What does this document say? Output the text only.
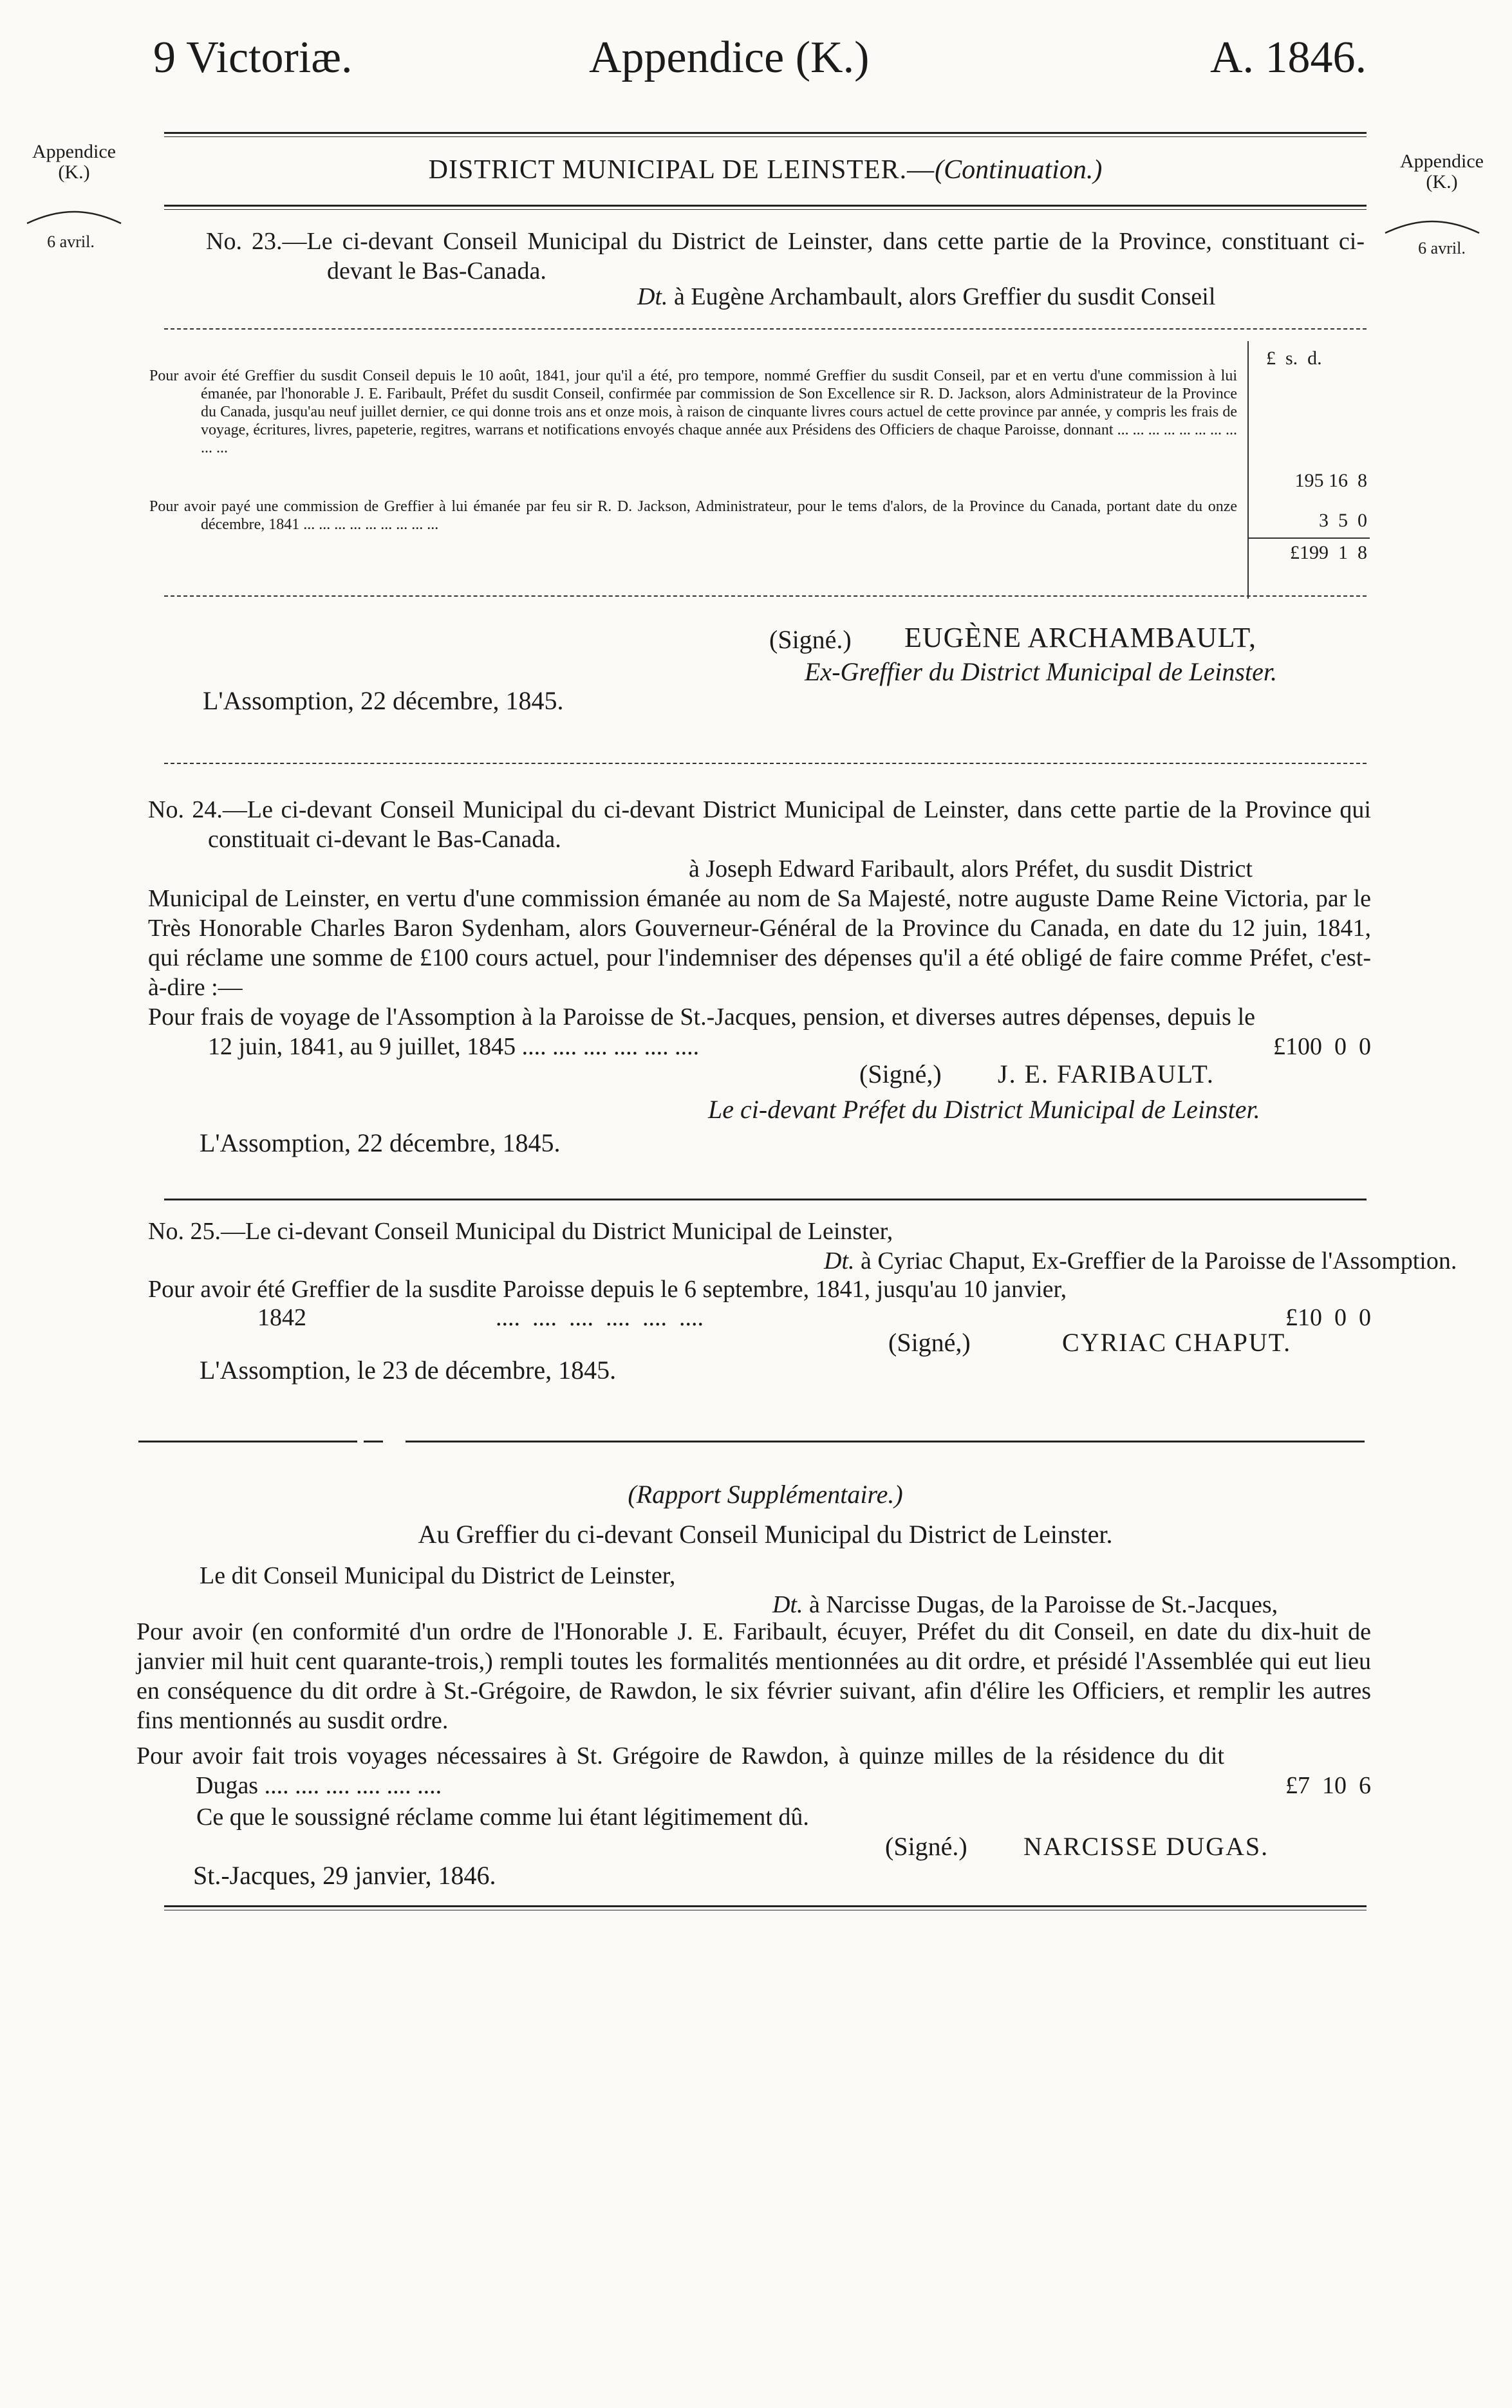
9 Victoriæ.	Appendice (K.)	A. 1846.
Appendice
(K.)
6 avril.
Appendice
(K.)
6 avril.
DISTRICT MUNICIPAL DE LEINSTER.—(Continuation.)
No. 23.—Le ci-devant Conseil Municipal du District de Leinster, dans cette partie de la Province, constituant ci-devant le Bas-Canada.
Dt. à Eugène Archambault, alors Greffier du susdit Conseil
£  s.  d.
Pour avoir été Greffier du susdit Conseil depuis le 10 août, 1841, jour qu'il a été, pro tempore, nommé Greffier du susdit Conseil, par et en vertu d'une commission à lui émanée, par l'honorable J. E. Faribault, Préfet du susdit Conseil, confirmée par commission de Son Excellence sir R. D. Jackson, alors Administrateur de la Province du Canada, jusqu'au neuf juillet dernier, ce qui donne trois ans et onze mois, à raison de cinquante livres cours actuel de cette province par année, y compris les frais de voyage, écritures, livres, papeterie, regitres, warrans et notifications envoyés chaque année aux Présidens des Officiers de chaque Paroisse, donnant ... ... ... ... ... ... ... ... ... ...
195 16  8
Pour avoir payé une commission de Greffier à lui émanée par feu sir R. D. Jackson, Administrateur, pour le tems d'alors, de la Province du Canada, portant date du onze décembre, 1841 ... ... ... ... ... ... ... ... ...	3  5  0
£199  1  8
(Signé.) EUGÈNE ARCHAMBAULT,
Ex-Greffier du District Municipal de Leinster.
L'Assomption, 22 décembre, 1845.
No. 24.—Le ci-devant Conseil Municipal du ci-devant District Municipal de Leinster, dans cette partie de la Province qui constituait ci-devant le Bas-Canada.
à Joseph Edward Faribault, alors Préfet, du susdit District
Municipal de Leinster, en vertu d'une commission émanée au nom de Sa Majesté, notre auguste Dame Reine Victoria, par le Très Honorable Charles Baron Sydenham, alors Gouverneur-Général de la Province du Canada, en date du 12 juin, 1841, qui réclame une somme de £100 cours actuel, pour l'indemniser des dépenses qu'il a été obligé de faire comme Préfet, c'est-à-dire :—
Pour frais de voyage de l'Assomption à la Paroisse de St.-Jacques, pension, et diverses autres dépenses, depuis le 12 juin, 1841, au 9 juillet, 1845 .... .... .... .... .... ....	£100  0  0
(Signé,) J. E. FARIBAULT.
Le ci-devant Préfet du District Municipal de Leinster.
L'Assomption, 22 décembre, 1845.
No. 25.—Le ci-devant Conseil Municipal du District Municipal de Leinster,
Dt. à Cyriac Chaput, Ex-Greffier de la Paroisse de l'Assomption.
Pour avoir été Greffier de la susdite Paroisse depuis le 6 septembre, 1841, jusqu'au 10 janvier,
1842	....  ....  ....  ....  ....  ....	£10  0  0
(Signé,)	CYRIAC CHAPUT.
L'Assomption, le 23 de décembre, 1845.
(Rapport Supplémentaire.)
Au Greffier du ci-devant Conseil Municipal du District de Leinster.
Le dit Conseil Municipal du District de Leinster,
Dt. à Narcisse Dugas, de la Paroisse de St.-Jacques,
Pour avoir (en conformité d'un ordre de l'Honorable J. E. Faribault, écuyer, Préfet du dit Conseil, en date du dix-huit de janvier mil huit cent quarante-trois,) rempli toutes les formalités mentionnées au dit ordre, et présidé l'Assemblée qui eut lieu en conséquence du dit ordre à St.-Grégoire, de Rawdon, le six février suivant, afin d'élire les Officiers, et remplir les autres fins mentionnés au susdit ordre.
Pour avoir fait trois voyages nécessaires à St. Grégoire de Rawdon, à quinze milles de la résidence du dit Dugas .... .... .... .... .... ....	£7  10  6
Ce que le soussigné réclame comme lui étant légitimement dû.
(Signé.) NARCISSE DUGAS.
St.-Jacques, 29 janvier, 1846.
